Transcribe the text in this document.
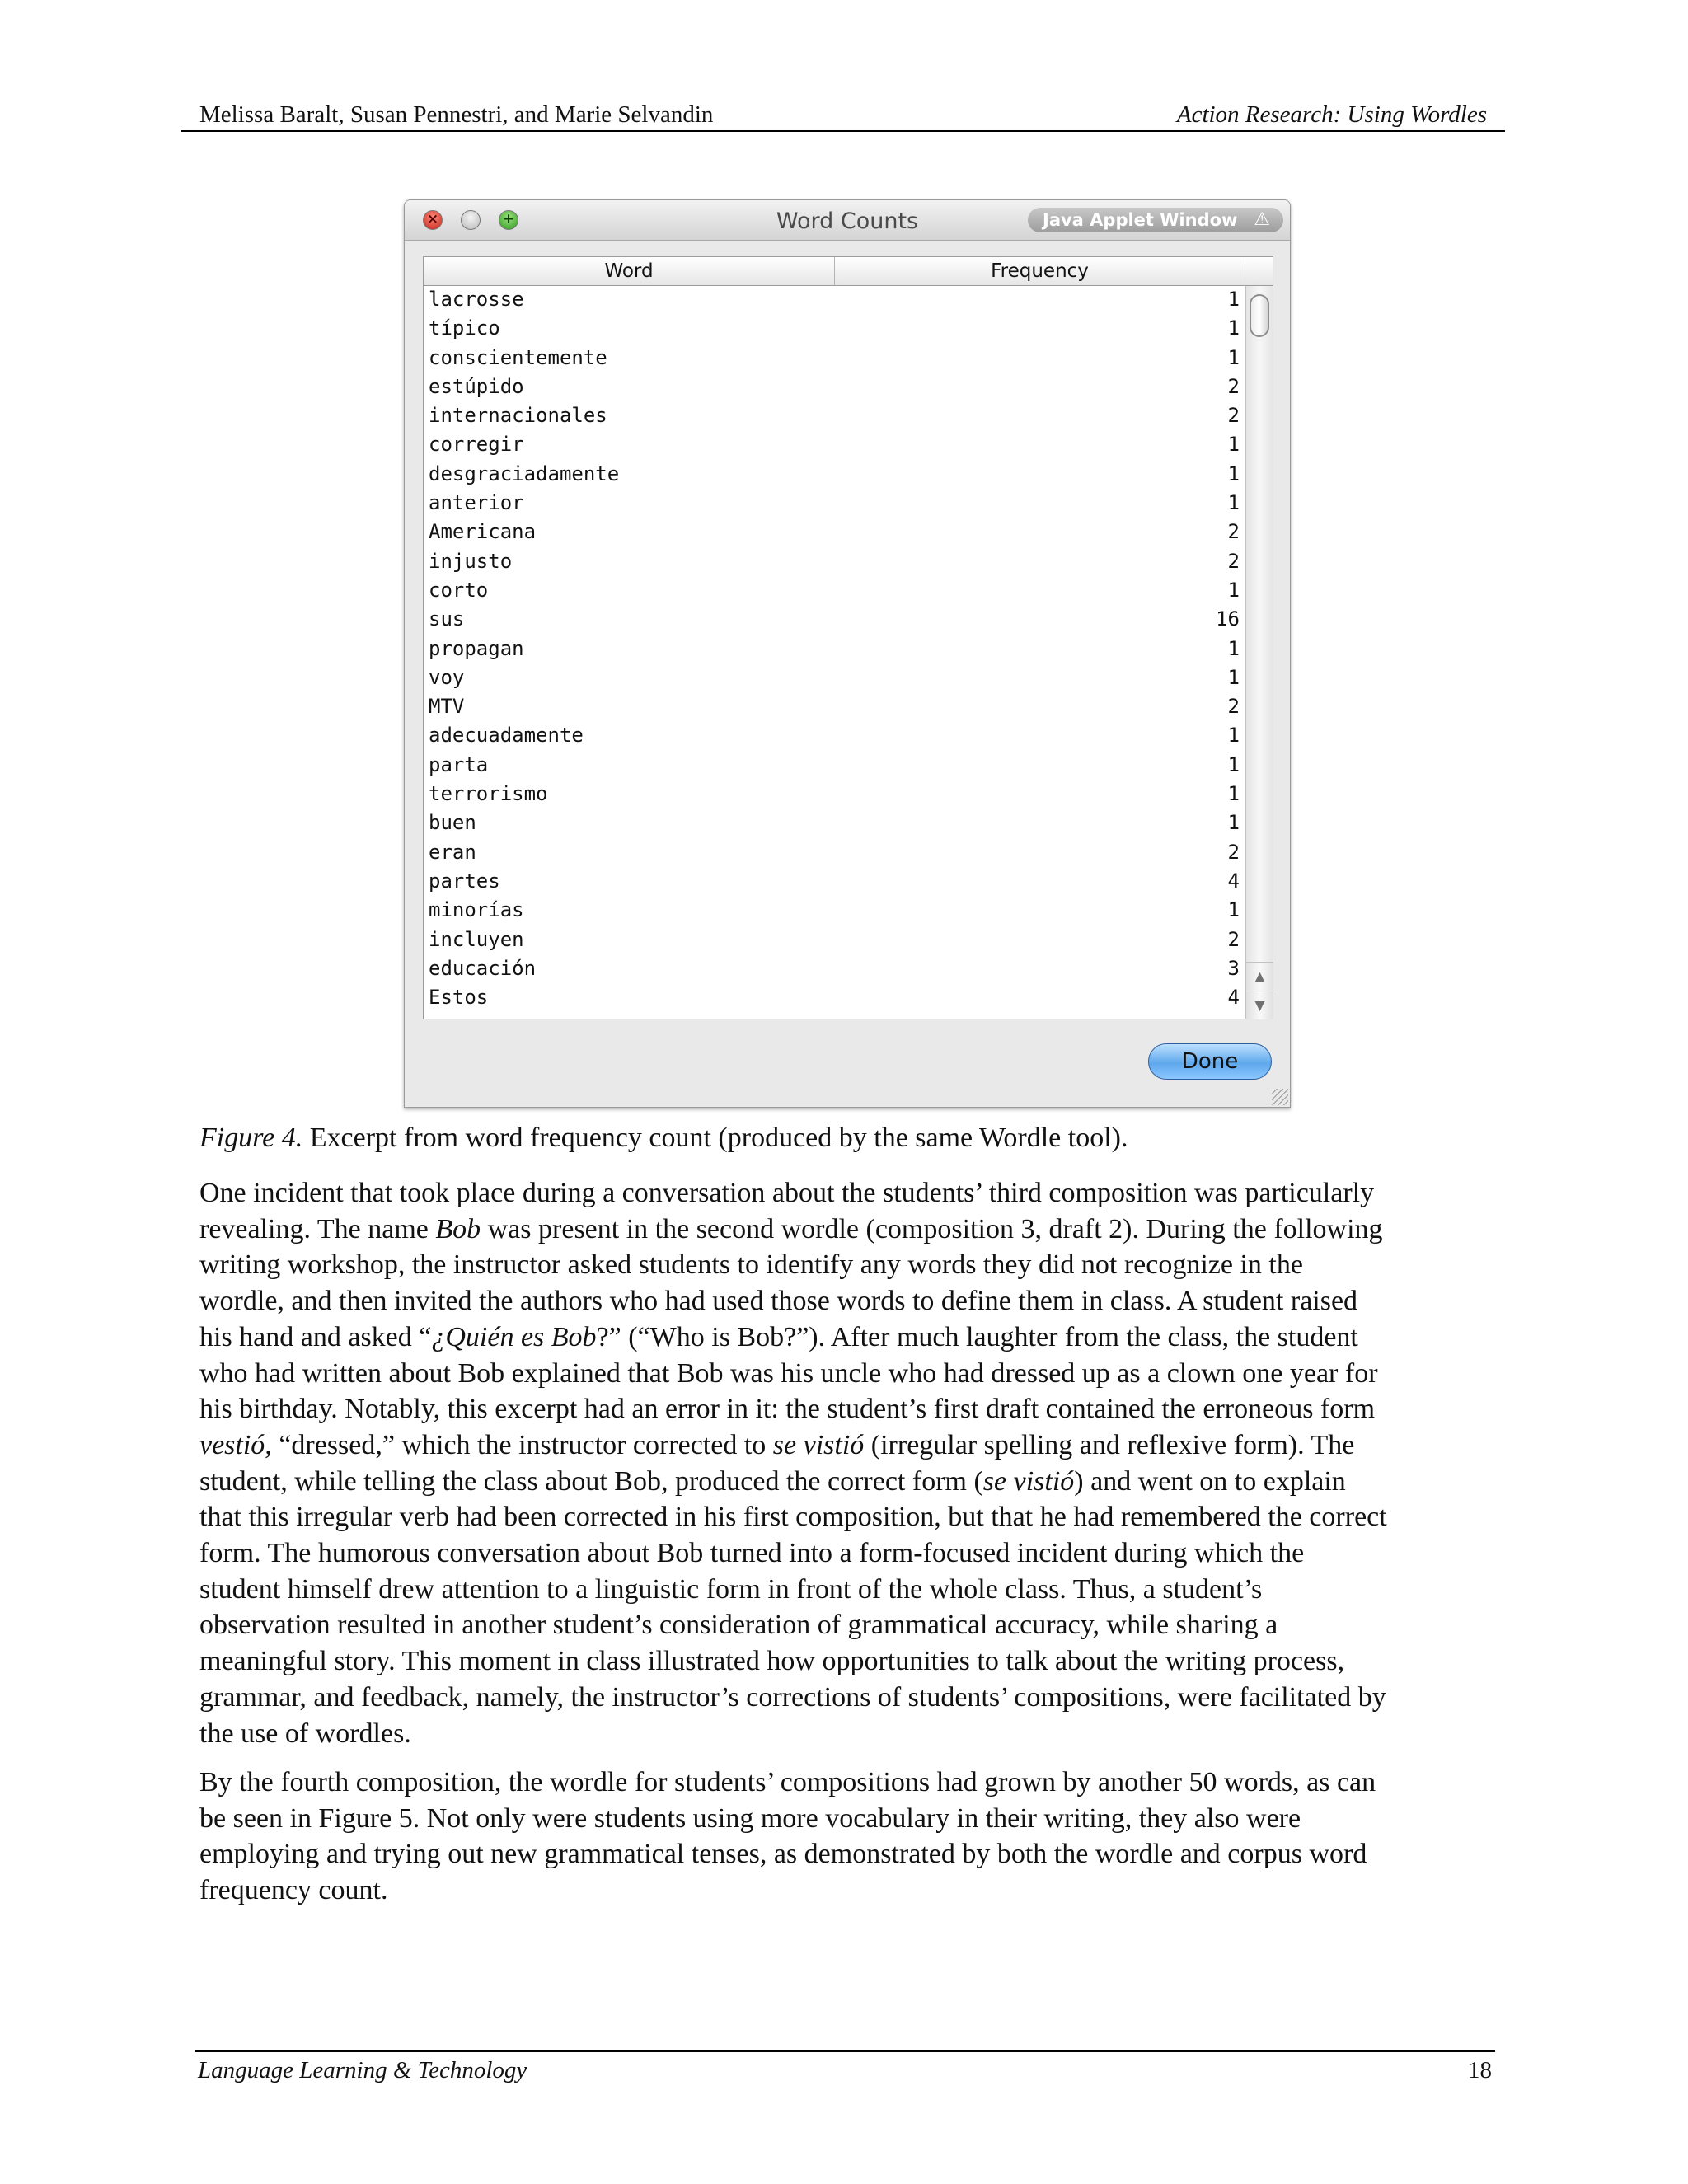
Melissa Baralt, Susan Pennestri, and Marie Selvandin	Action Research: Using Wordles
×	+	Word Counts	Java Applet Window ⚠
Word	Frequency
lacrosse	1
típico	1
conscientemente	1
estúpido	2
internacionales	2
corregir	1
desgraciadamente	1
anterior	1
Americana	2
injusto	2
corto	1
sus	16
propagan	1
voy	1
MTV	2
adecuadamente	1
parta	1
terrorismo	1
buen	1
eran	2
partes	4
minorías	1
incluyen	2
educación	3
Estos	4
▲
▼
Done
Figure 4. Excerpt from word frequency count (produced by the same Wordle tool).
One incident that took place during a conversation about the students’ third composition was particularly
revealing. The name Bob was present in the second wordle (composition 3, draft 2). During the following
writing workshop, the instructor asked students to identify any words they did not recognize in the
wordle, and then invited the authors who had used those words to define them in class. A student raised
his hand and asked “¿Quién es Bob?” (“Who is Bob?”). After much laughter from the class, the student
who had written about Bob explained that Bob was his uncle who had dressed up as a clown one year for
his birthday. Notably, this excerpt had an error in it: the student’s first draft contained the erroneous form
vestió, “dressed,” which the instructor corrected to se vistió (irregular spelling and reflexive form). The
student, while telling the class about Bob, produced the correct form (se vistió) and went on to explain
that this irregular verb had been corrected in his first composition, but that he had remembered the correct
form. The humorous conversation about Bob turned into a form-focused incident during which the
student himself drew attention to a linguistic form in front of the whole class. Thus, a student’s
observation resulted in another student’s consideration of grammatical accuracy, while sharing a
meaningful story. This moment in class illustrated how opportunities to talk about the writing process,
grammar, and feedback, namely, the instructor’s corrections of students’ compositions, were facilitated by
the use of wordles.
By the fourth composition, the wordle for students’ compositions had grown by another 50 words, as can
be seen in Figure 5. Not only were students using more vocabulary in their writing, they also were
employing and trying out new grammatical tenses, as demonstrated by both the wordle and corpus word
frequency count.
Language Learning & Technology	18
